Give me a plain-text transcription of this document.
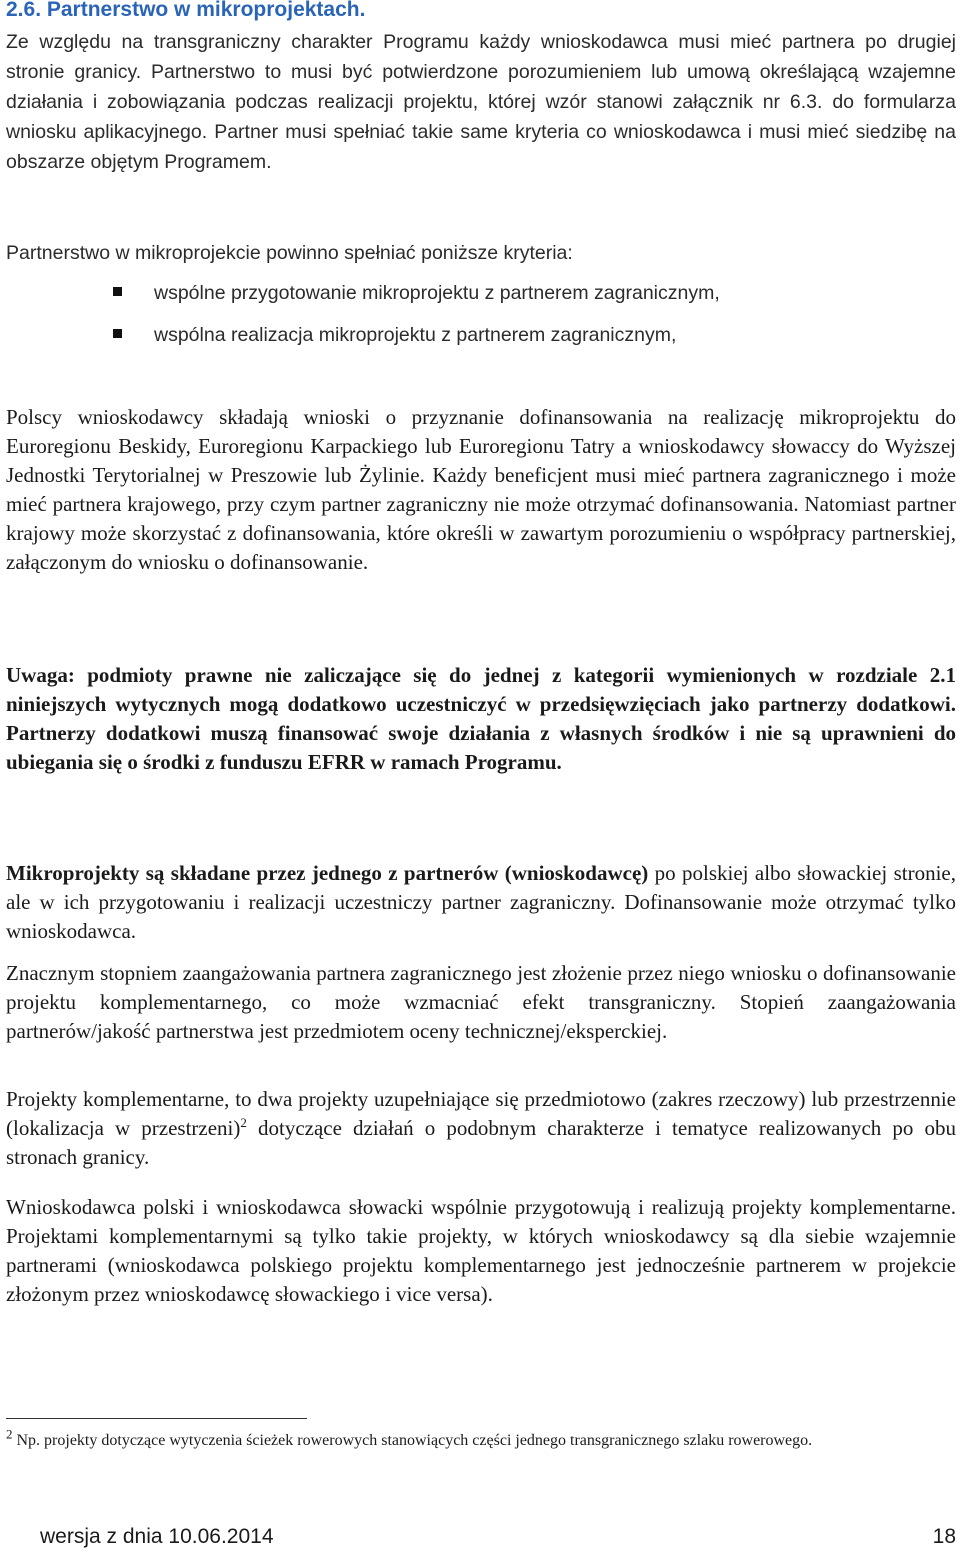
2.6. Partnerstwo w mikroprojektach.

Ze względu na transgraniczny charakter Programu każdy wnioskodawca musi mieć partnera po drugiej stronie granicy. Partnerstwo to musi być potwierdzone porozumieniem lub umową określającą wzajemne działania i zobowiązania podczas realizacji projektu, której wzór stanowi załącznik nr 6.3. do formularza wniosku aplikacyjnego. Partner musi spełniać takie same kryteria co wnioskodawca i musi mieć siedzibę na obszarze objętym Programem.

Partnerstwo w mikroprojekcie powinno spełniać poniższe kryteria:
wspólne przygotowanie mikroprojektu z partnerem zagranicznym,
wspólna realizacja mikroprojektu z partnerem zagranicznym,

Polscy wnioskodawcy składają wnioski o przyznanie dofinansowania na realizację mikroprojektu do Euroregionu Beskidy, Euroregionu Karpackiego lub Euroregionu Tatry a wnioskodawcy słowaccy do Wyższej Jednostki Terytorialnej w Preszowie lub Żylinie. Każdy beneficjent musi mieć partnera zagranicznego i może mieć partnera krajowego, przy czym partner zagraniczny nie może otrzymać dofinansowania. Natomiast partner krajowy może skorzystać z dofinansowania, które określi w zawartym porozumieniu o współpracy partnerskiej, załączonym do wniosku o dofinansowanie.

Uwaga: podmioty prawne nie zaliczające się do jednej z kategorii wymienionych w rozdziale 2.1 niniejszych wytycznych mogą dodatkowo uczestniczyć w przedsięwzięciach jako partnerzy dodatkowi. Partnerzy dodatkowi muszą finansować swoje działania z własnych środków i nie są uprawnieni do ubiegania się o środki z funduszu EFRR w ramach Programu.

Mikroprojekty są składane przez jednego z partnerów (wnioskodawcę) po polskiej albo słowackiej stronie, ale w ich przygotowaniu i realizacji uczestniczy partner zagraniczny. Dofinansowanie może otrzymać tylko wnioskodawca.

Znacznym stopniem zaangażowania partnera zagranicznego jest złożenie przez niego wniosku o dofinansowanie projektu komplementarnego, co może wzmacniać efekt transgraniczny. Stopień zaangażowania partnerów/jakość partnerstwa jest przedmiotem oceny technicznej/eksperckiej.

Projekty komplementarne, to dwa projekty uzupełniające się przedmiotowo (zakres rzeczowy) lub przestrzennie (lokalizacja w przestrzeni)$^2$ dotyczące działań o podobnym charakterze i tematyce realizowanych po obu stronach granicy.

Wnioskodawca polski i wnioskodawca słowacki wspólnie przygotowują i realizują projekty komplementarne. Projektami komplementarnymi są tylko takie projekty, w których wnioskodawcy są dla siebie wzajemnie partnerami (wnioskodawca polskiego projektu komplementarnego jest jednocześnie partnerem w projekcie złożonym przez wnioskodawcę słowackiego i vice versa).

$^2$ Np. projekty dotyczące wytyczenia ścieżek rowerowych stanowiących części jednego transgranicznego szlaku rowerowego.
wersja z dnia 10.06.2014	18
